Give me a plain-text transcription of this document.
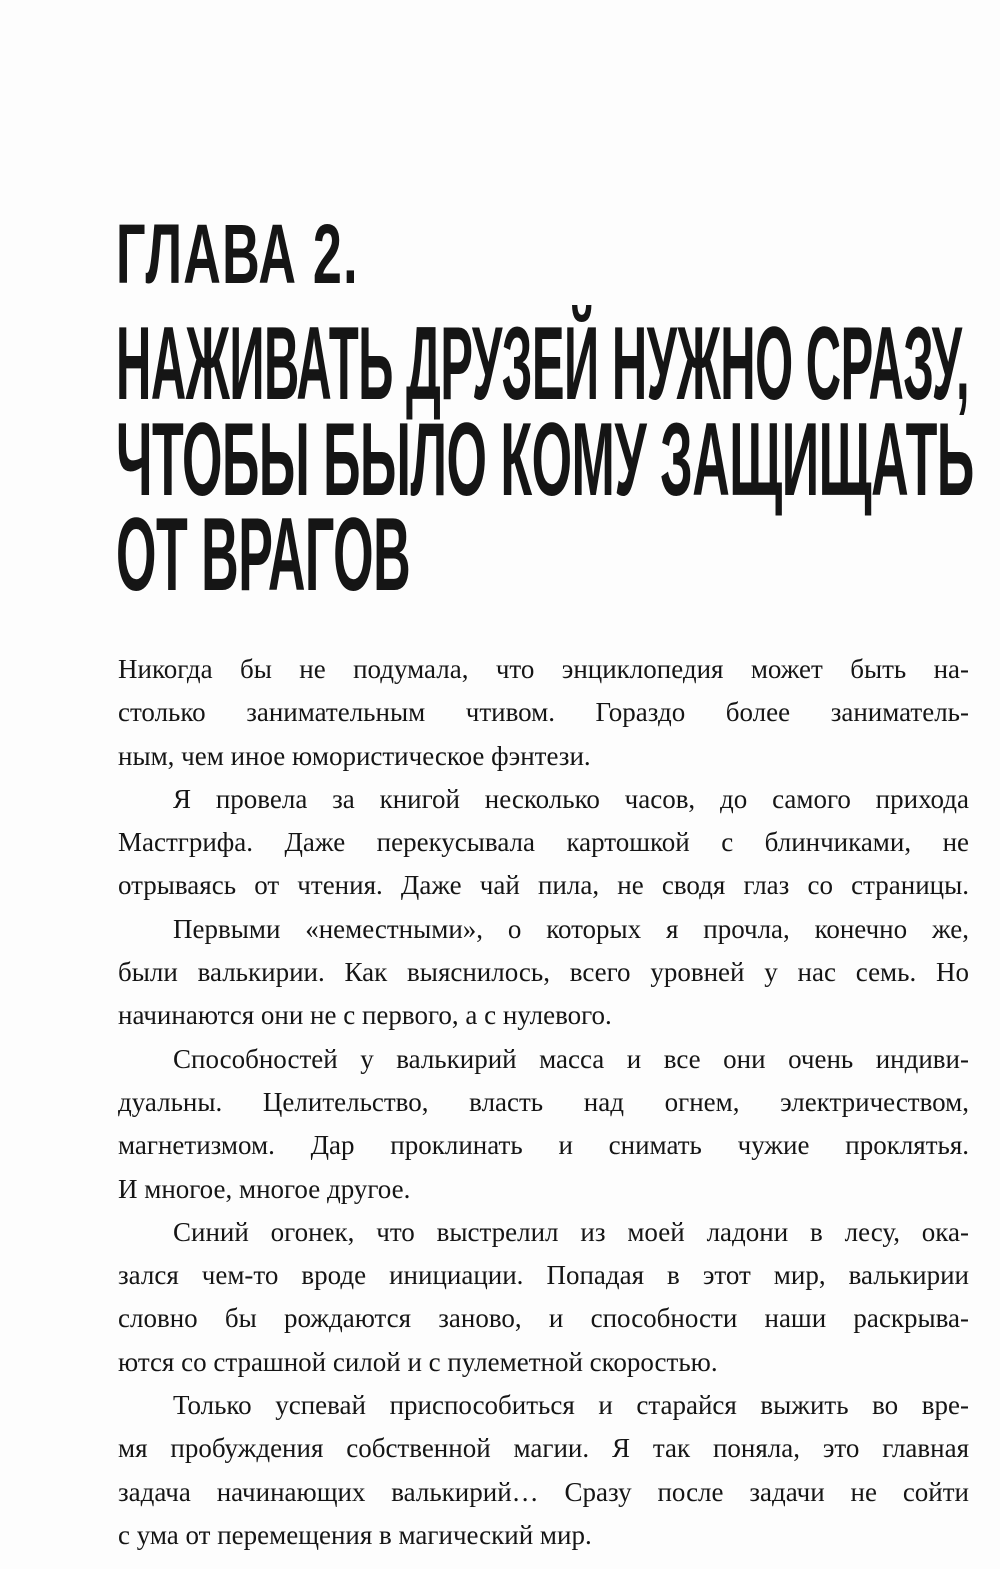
ГЛАВА 2.
НАЖИВАТЬ ДРУЗЕЙ НУЖНО СРАЗУ,
ЧТОБЫ БЫЛО КОМУ ЗАЩИЩАТЬ
ОТ ВРАГОВ
Никогда бы не подумала, что энциклопедия может быть на-
столько занимательным чтивом. Гораздо более заниматель-
ным, чем иное юмористическое фэнтези.
Я провела за книгой несколько часов, до самого прихода
Мастгрифа. Даже перекусывала картошкой с блинчиками, не
отрываясь от чтения. Даже чай пила, не сводя глаз со страницы.
Первыми «неместными», о которых я прочла, конечно же,
были валькирии. Как выяснилось, всего уровней у нас семь. Но
начинаются они не с первого, а с нулевого.
Способностей у валькирий масса и все они очень индиви-
дуальны. Целительство, власть над огнем, электричеством,
магнетизмом. Дар проклинать и снимать чужие проклятья.
И многое, многое другое.
Синий огонек, что выстрелил из моей ладони в лесу, ока-
зался чем-то вроде инициации. Попадая в этот мир, валькирии
словно бы рождаются заново, и способности наши раскрыва-
ются со страшной силой и с пулеметной скоростью.
Только успевай приспособиться и старайся выжить во вре-
мя пробуждения собственной магии. Я так поняла, это главная
задача начинающих валькирий… Сразу после задачи не сойти
с ума от перемещения в магический мир.
